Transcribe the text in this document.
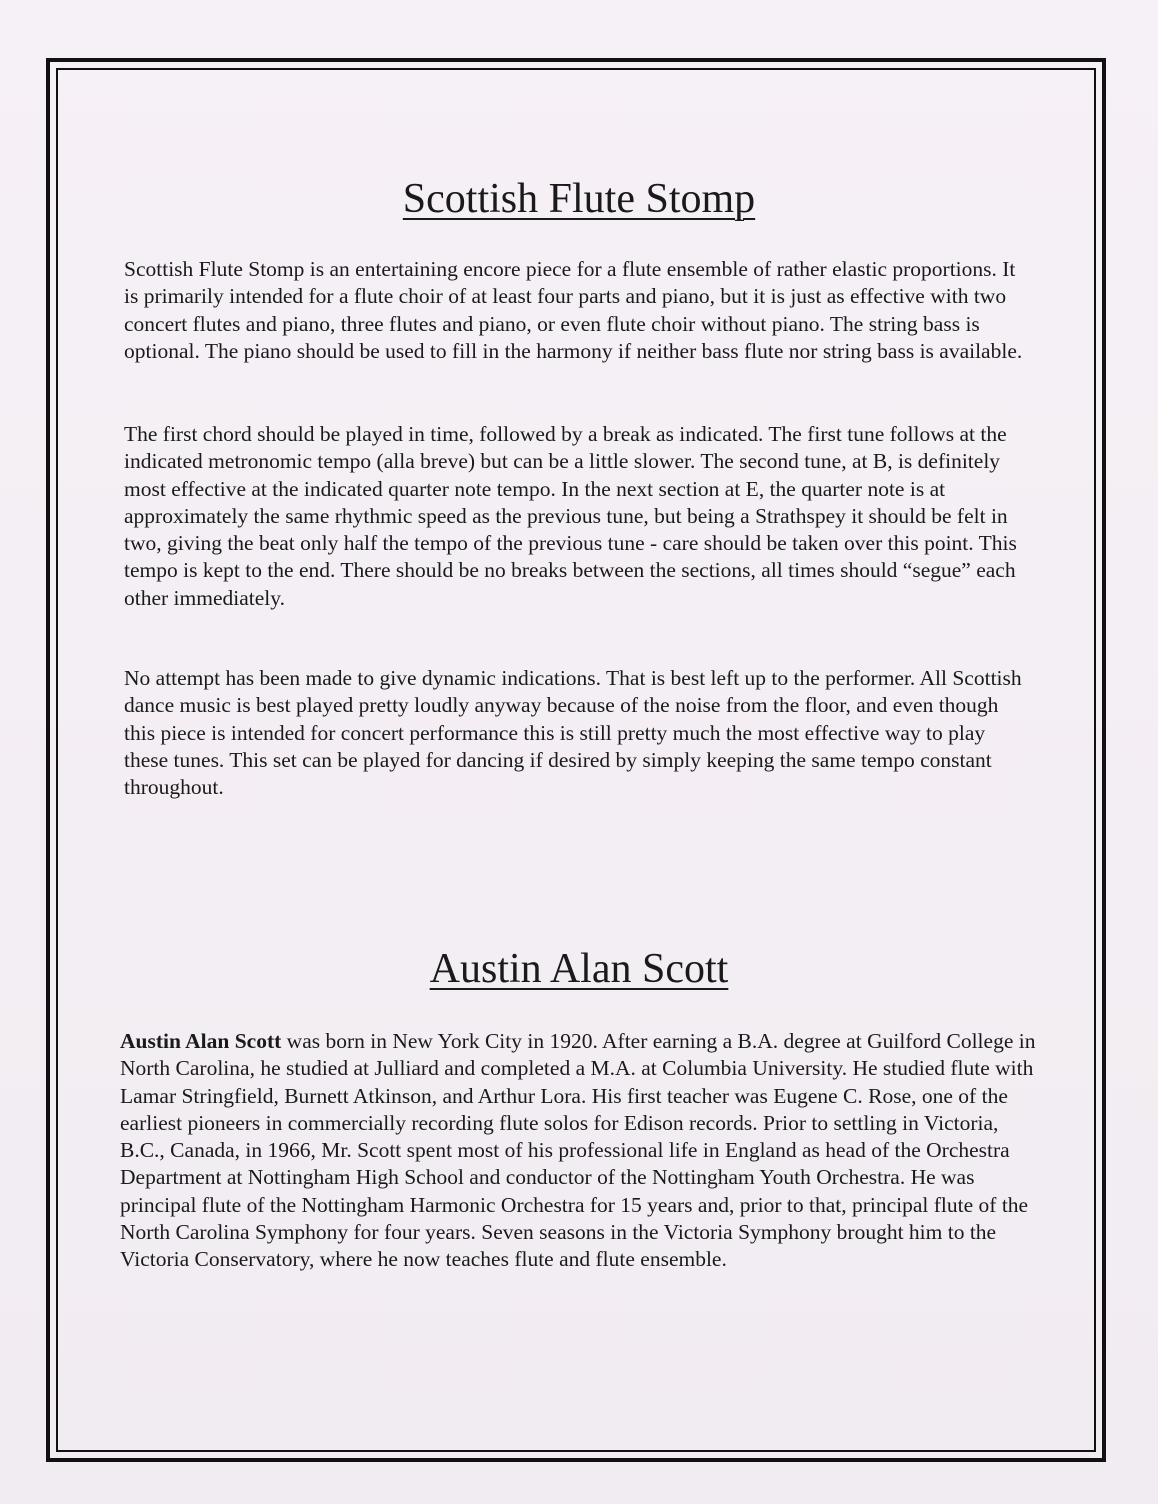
Scottish Flute Stomp

Scottish Flute Stomp is an entertaining encore piece for a flute ensemble of rather elastic proportions. It is primarily intended for a flute choir of at least four parts and piano, but it is just as effective with two concert flutes and piano, three flutes and piano, or even flute choir without piano. The string bass is optional. The piano should be used to fill in the harmony if neither bass flute nor string bass is available.

The first chord should be played in time, followed by a break as indicated. The first tune follows at the indicated metronomic tempo (alla breve) but can be a little slower. The second tune, at B, is definitely most effective at the indicated quarter note tempo. In the next section at E, the quarter note is at approximately the same rhythmic speed as the previous tune, but being a Strathspey it should be felt in two, giving the beat only half the tempo of the previous tune - care should be taken over this point. This tempo is kept to the end. There should be no breaks between the sections, all times should “segue” each other immediately.

No attempt has been made to give dynamic indications. That is best left up to the performer. All Scottish dance music is best played pretty loudly anyway because of the noise from the floor, and even though this piece is intended for concert performance this is still pretty much the most effective way to play these tunes. This set can be played for dancing if desired by simply keeping the same tempo constant throughout.

Austin Alan Scott

Austin Alan Scott was born in New York City in 1920. After earning a B.A. degree at Guilford College in North Carolina, he studied at Julliard and completed a M.A. at Columbia University. He studied flute with Lamar Stringfield, Burnett Atkinson, and Arthur Lora. His first teacher was Eugene C. Rose, one of the earliest pioneers in commercially recording flute solos for Edison records. Prior to settling in Victoria, B.C., Canada, in 1966, Mr. Scott spent most of his professional life in England as head of the Orchestra Department at Nottingham High School and conductor of the Nottingham Youth Orchestra. He was principal flute of the Nottingham Harmonic Orchestra for 15 years and, prior to that, principal flute of the North Carolina Symphony for four years. Seven seasons in the Victoria Symphony brought him to the Victoria Conservatory, where he now teaches flute and flute ensemble.
